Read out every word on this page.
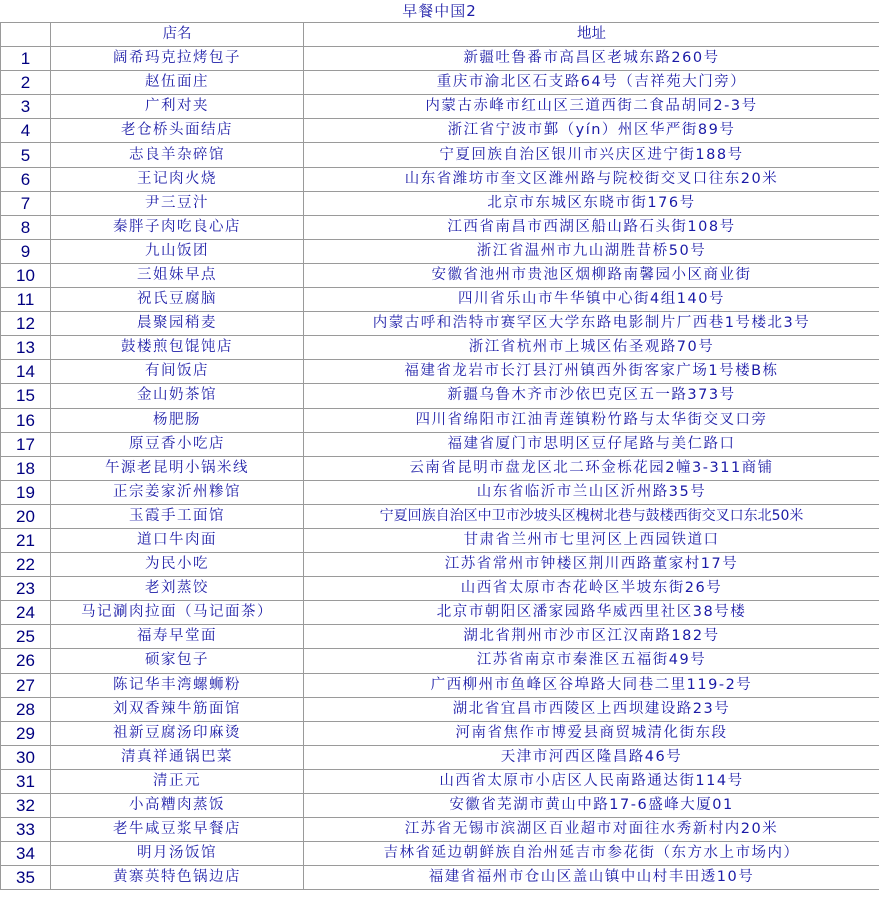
早餐中国2
	店名	地址
1	阔希玛克拉烤包子	新疆吐鲁番市高昌区老城东路260号
2	赵伍面庄	重庆市渝北区石支路64号（吉祥苑大门旁）
3	广利对夹	内蒙古赤峰市红山区三道西街二食品胡同2-3号
4	老仓桥头面结店	浙江省宁波市鄞（yín）州区华严街89号
5	志良羊杂碎馆	宁夏回族自治区银川市兴庆区进宁街188号
6	王记肉火烧	山东省潍坊市奎文区潍州路与院校街交叉口往东20米
7	尹三豆汁	北京市东城区东晓市街176号
8	秦胖子肉吃良心店	江西省南昌市西湖区船山路石头街108号
9	九山饭团	浙江省温州市九山湖胜昔桥50号
10	三姐妹早点	安徽省池州市贵池区烟柳路南馨园小区商业街
11	祝氏豆腐脑	四川省乐山市牛华镇中心街4组140号
12	晨聚园稍麦	内蒙古呼和浩特市赛罕区大学东路电影制片厂西巷1号楼北3号
13	鼓楼煎包馄饨店	浙江省杭州市上城区佑圣观路70号
14	有间饭店	福建省龙岩市长汀县汀州镇西外街客家广场1号楼B栋
15	金山奶茶馆	新疆乌鲁木齐市沙依巴克区五一路373号
16	杨肥肠	四川省绵阳市江油青莲镇粉竹路与太华街交叉口旁
17	原豆香小吃店	福建省厦门市思明区豆仔尾路与美仁路口
18	午源老昆明小锅米线	云南省昆明市盘龙区北二环金栎花园2幢3-311商铺
19	正宗姜家沂州糁馆	山东省临沂市兰山区沂州路35号
20	玉霞手工面馆	宁夏回族自治区中卫市沙坡头区槐树北巷与鼓楼西街交叉口东北50米
21	道口牛肉面	甘肃省兰州市七里河区上西园铁道口
22	为民小吃	江苏省常州市钟楼区荆川西路董家村17号
23	老刘蒸饺	山西省太原市杏花岭区半坡东街26号
24	马记涮肉拉面（马记面茶）	北京市朝阳区潘家园路华威西里社区38号楼
25	福寿早堂面	湖北省荆州市沙市区江汉南路182号
26	硕家包子	江苏省南京市秦淮区五福街49号
27	陈记华丰湾螺蛳粉	广西柳州市鱼峰区谷埠路大同巷二里119-2号
28	刘双香辣牛筋面馆	湖北省宜昌市西陵区上西坝建设路23号
29	祖新豆腐汤印麻烫	河南省焦作市博爱县商贸城清化街东段
30	清真祥通锅巴菜	天津市河西区隆昌路46号
31	清正元	山西省太原市小店区人民南路通达街114号
32	小高糟肉蒸饭	安徽省芜湖市黄山中路17-6盛峰大厦01
33	老牛咸豆浆早餐店	江苏省无锡市滨湖区百业超市对面往水秀新村内20米
34	明月汤饭馆	吉林省延边朝鲜族自治州延吉市参花街（东方水上市场内）
35	黄寨英特色锅边店	福建省福州市仓山区盖山镇中山村丰田透10号
